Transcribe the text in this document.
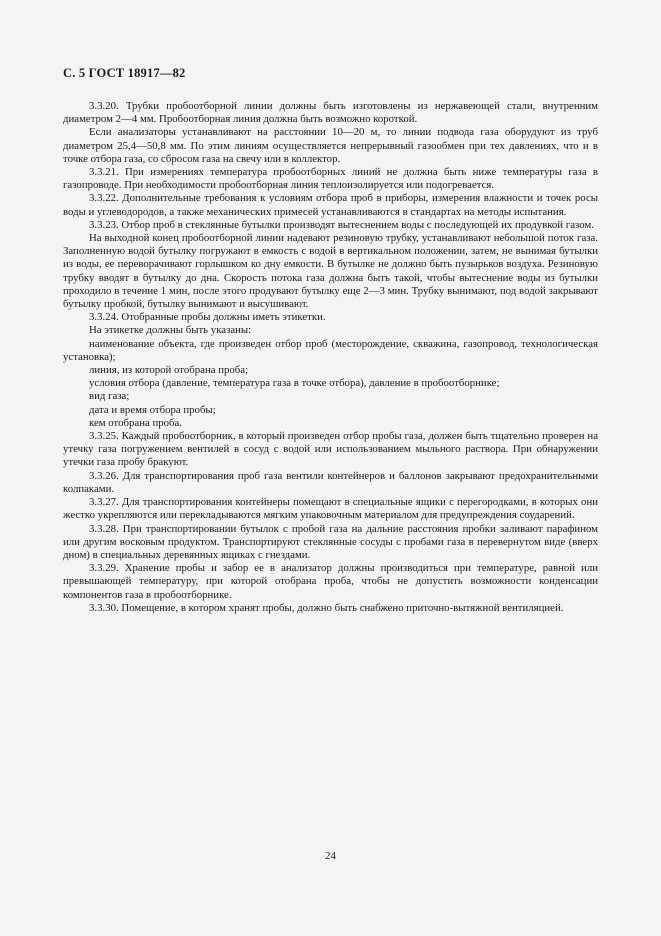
С. 5 ГОСТ 18917—82

3.3.20. Трубки пробоотборной линии должны быть изготовлены из нержавеющей стали, внутренним диаметром 2—4 мм. Пробоотборная линия должна быть возможно короткой.

Если анализаторы устанавливают на расстоянии 10—20 м, то линии подвода газа оборудуют из труб диаметром 25,4—50,8 мм. По этим линиям осуществляется непрерывный газообмен при тех давлениях, что и в точке отбора газа, со сбросом газа на свечу или в коллектор.

3.3.21. При измерениях температура пробоотборных линий не должна быть ниже температуры газа в газопроводе. При необходимости пробоотборная линия теплоизолируется или подогревается.

3.3.22. Дополнительные требования к условиям отбора проб в приборы, измерения влажности и точек росы воды и углеводородов, а также механических примесей устанавливаются в стандартах на методы испытания.

3.3.23. Отбор проб в стеклянные бутылки производят вытеснением воды с последующей их продувкой газом.

На выходной конец пробоотборной линии надевают резиновую трубку, устанавливают небольшой поток газа. Заполненную водой бутылку погружают в емкость с водой в вертикальном положении, затем, не вынимая бутылки из воды, ее переворачивают горлышком ко дну емкости. В бутылке не должно быть пузырьков воздуха. Резиновую трубку вводят в бутылку до дна. Скорость потока газа должна быть такой, чтобы вытеснение воды из бутылки проходило в течение 1 мин, после этого продувают бутылку еще 2—3 мин. Трубку вынимают, под водой закрывают бутылку пробкой, бутылку вынимают и высушивают.

3.3.24. Отобранные пробы должны иметь этикетки.

На этикетке должны быть указаны:

наименование объекта, где произведен отбор проб (месторождение, скважина, газопровод, технологическая установка);

линия, из которой отобрана проба;

условия отбора (давление, температура газа в точке отбора), давление в пробоотборнике;

вид газа;

дата и время отбора пробы;

кем отобрана проба.

3.3.25. Каждый пробоотборник, в который произведен отбор пробы газа, должен быть тщательно проверен на утечку газа погружением вентилей в сосуд с водой или использованием мыльного раствора. При обнаружении утечки газа пробу бракуют.

3.3.26. Для транспортирования проб газа вентили контейнеров и баллонов закрывают предохранительными колпаками.

3.3.27. Для транспортирования контейнеры помещают в специальные ящики с перегородками, в которых они жестко укрепляются или перекладываются мягким упаковочным материалом для предупреждения соударений.

3.3.28. При транспортировании бутылок с пробой газа на дальние расстояния пробки заливают парафином или другим восковым продуктом. Транспортируют стеклянные сосуды с пробами газа в перевернутом виде (вверх дном) в специальных деревянных ящиках с гнездами.

3.3.29. Хранение пробы и забор ее в анализатор должны производиться при температуре, равной или превышающей температуру, при которой отобрана проба, чтобы не допустить возможности конденсации компонентов газа в пробоотборнике.

3.3.30. Помещение, в котором хранят пробы, должно быть снабжено приточно-вытяжной вентиляцией.

24
